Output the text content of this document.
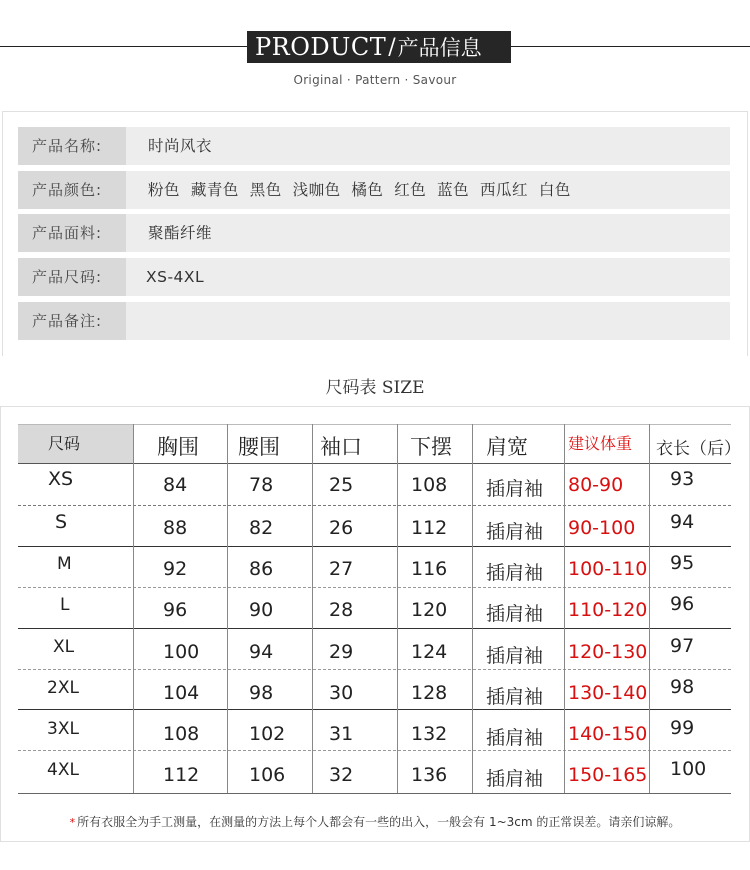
PRODUCT / 产品信息
Original · Pattern · Savour
产品名称:	时尚风衣
产品颜色:	粉色  藏青色  黑色  浅咖色  橘色  红色  蓝色  西瓜红  白色
产品面料:	聚酯纤维
产品尺码:	XS-4XL
产品备注:
尺码表 SIZE
尺码	胸围 腰围 袖口 下摆 肩宽	建议体重 衣长（后）
XS	84	78	25	108 插肩袖 80-90 93
S	88	82	26	112 插肩袖 90-100 94
M	92	86	27	116 插肩袖 100-110 95
L	96	90	28	120 插肩袖 110-120 96
XL	100	94	29	124 插肩袖 120-130 97
2XL	104	98	30	128 插肩袖 130-140 98
3XL	108	102 31	132 插肩袖 140-150 99
4XL	112	106 32	136 插肩袖 150-165 100
* 所有衣服全为手工测量，在测量的方法上每个人都会有一些的出入，一般会有 1~3cm 的正常误差。请亲们谅解。
